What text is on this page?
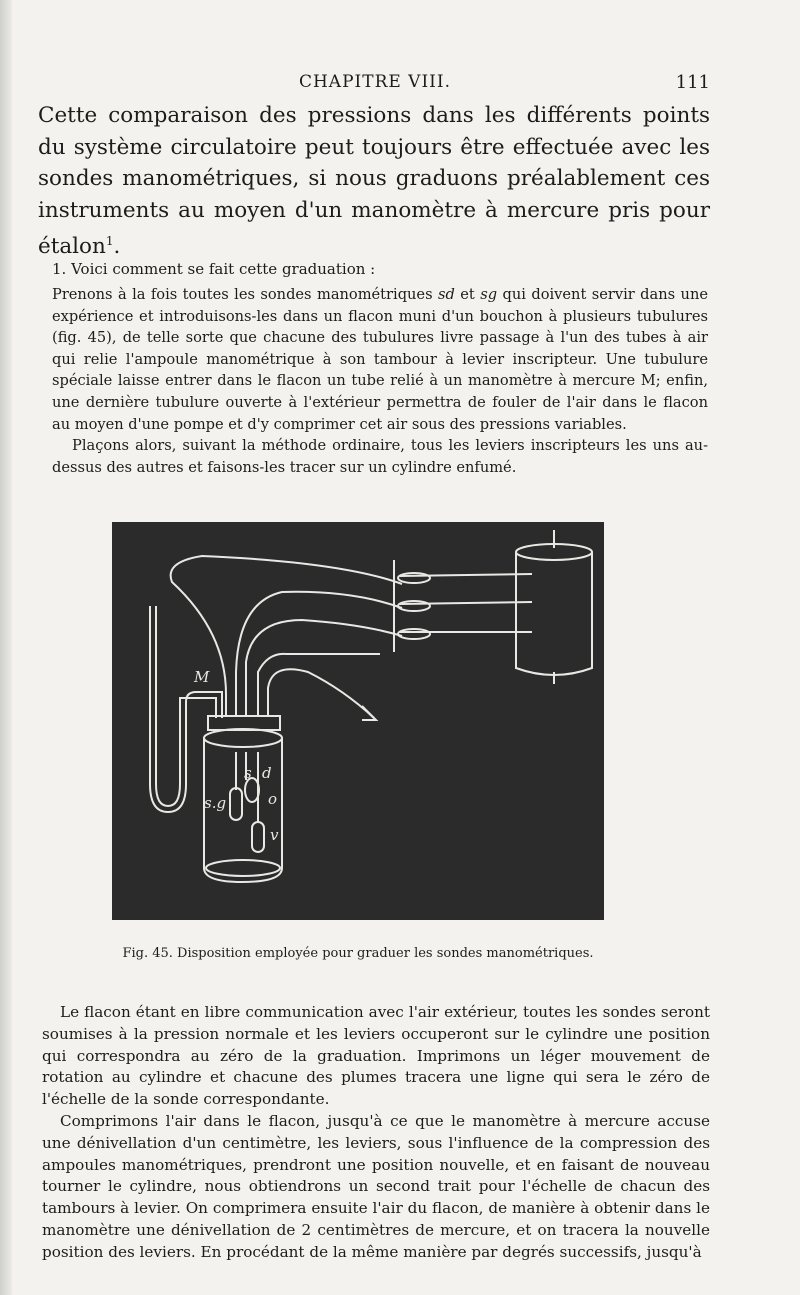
CHAPITRE VIII.	111
Cette comparaison des pressions dans les différents points du système circulatoire peut toujours être effectuée avec les sondes manométriques, si nous graduons préalablement ces instruments au moyen d'un manomètre à mercure pris pour étalon$^1$.
1. Voici comment se fait cette graduation :

Prenons à la fois toutes les sondes manométriques sd et sg qui doivent servir dans une expérience et introduisons-les dans un flacon muni d'un bouchon à plusieurs tubulures (fig. 45), de telle sorte que chacune des tubulures livre passage à l'un des tubes à air qui relie l'ampoule manométrique à son tambour à levier inscripteur. Une tubulure spéciale laisse entrer dans le flacon un tube relié à un manomètre à mercure M; enfin, une dernière tubulure ouverte à l'extérieur permettra de fouler de l'air dans le flacon au moyen d'une pompe et d'y comprimer cet air sous des pressions variables.

Plaçons alors, suivant la méthode ordinaire, tous les leviers inscripteurs les uns au-dessus des autres et faisons-les tracer sur un cylindre enfumé.

M
s d
s.g	o
v
Fig. 45. Disposition employée pour graduer les sondes manométriques.

Le flacon étant en libre communication avec l'air extérieur, toutes les sondes seront soumises à la pression normale et les leviers occuperont sur le cylindre une position qui correspondra au zéro de la graduation. Imprimons un léger mouvement de rotation au cylindre et chacune des plumes tracera une ligne qui sera le zéro de l'échelle de la sonde correspondante.

Comprimons l'air dans le flacon, jusqu'à ce que le manomètre à mercure accuse une dénivellation d'un centimètre, les leviers, sous l'influence de la compression des ampoules manométriques, prendront une position nouvelle, et en faisant de nouveau tourner le cylindre, nous obtiendrons un second trait pour l'échelle de chacun des tambours à levier. On comprimera ensuite l'air du flacon, de manière à obtenir dans le manomètre une dénivellation de 2 centimètres de mercure, et on tracera la nouvelle position des leviers. En procédant de la même manière par degrés successifs, jusqu'à
